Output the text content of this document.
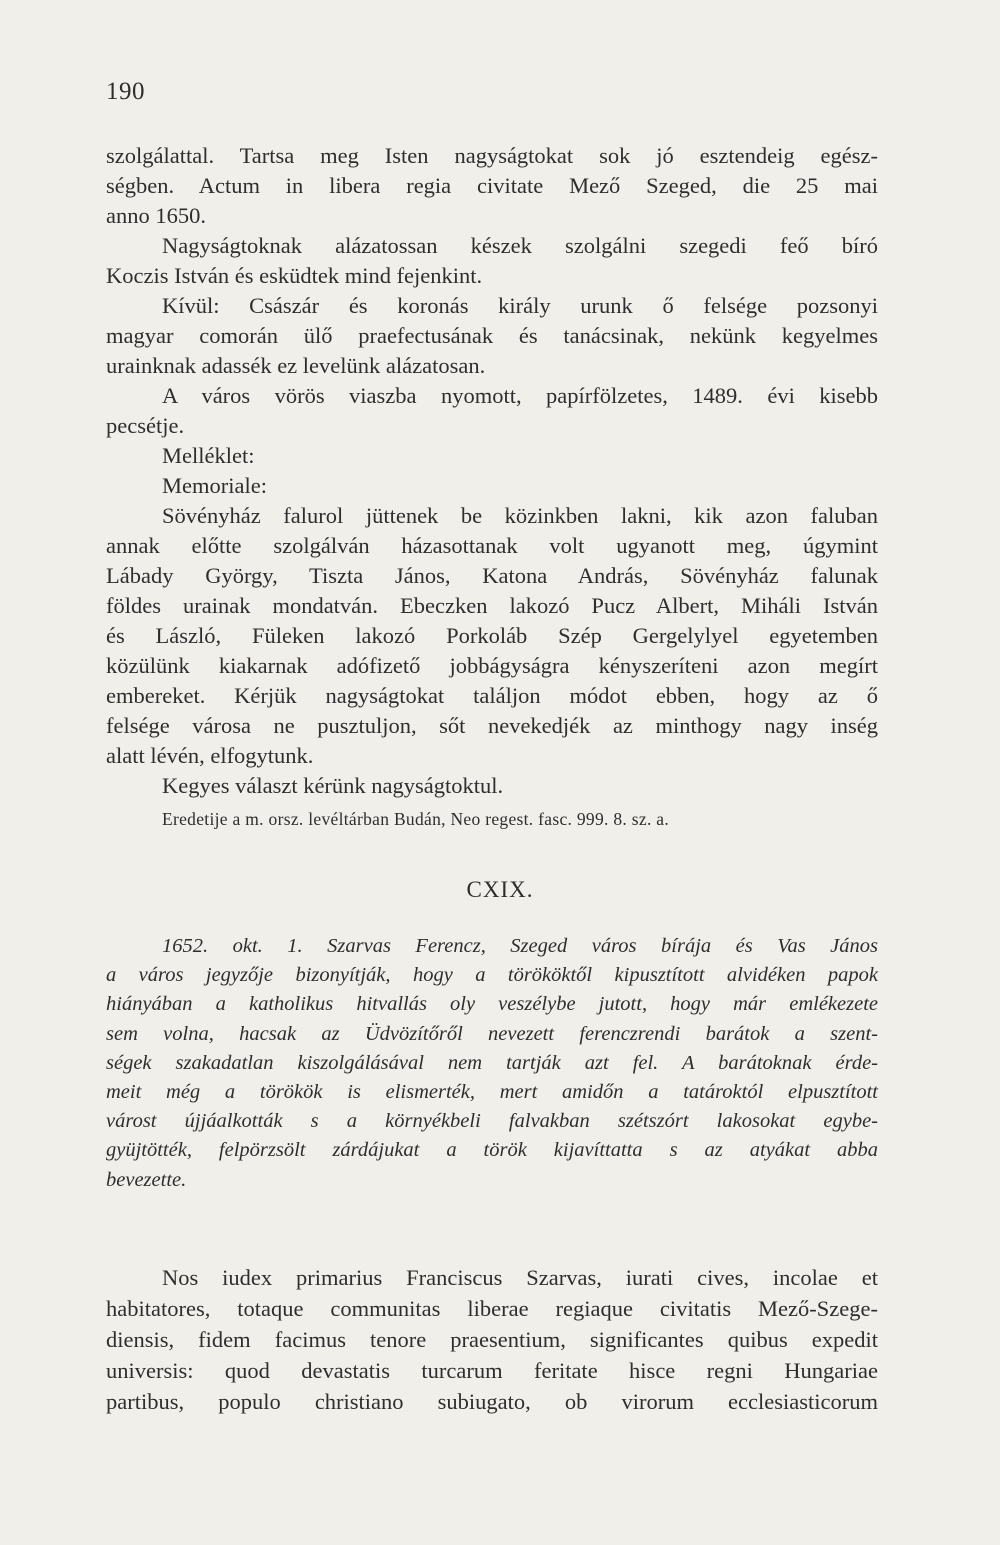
190
szolgálattal. Tartsa meg Isten nagyságtokat sok jó esztendeig egész-
ségben. Actum in libera regia civitate Mező Szeged, die 25 mai
anno 1650.
Nagyságtoknak alázatossan készek szolgálni szegedi feő bíró
Koczis István és esküdtek mind fejenkint.
Kívül: Császár és koronás király urunk ő felsége pozsonyi
magyar comorán ülő praefectusának és tanácsinak, nekünk kegyelmes
urainknak adassék ez levelünk alázatosan.
A város vörös viaszba nyomott, papírfölzetes, 1489. évi kisebb
pecsétje.
Melléklet:
Memoriale:
Sövényház falurol jüttenek be közinkben lakni, kik azon faluban
annak előtte szolgálván házasottanak volt ugyanott meg, úgymint
Lábady György, Tiszta János, Katona András, Sövényház falunak
földes urainak mondatván. Ebeczken lakozó Pucz Albert, Miháli István
és László, Füleken lakozó Porkoláb Szép Gergelylyel egyetemben
közülünk kiakarnak adófizető jobbágyságra kényszeríteni azon megírt
embereket. Kérjük nagyságtokat találjon módot ebben, hogy az ő
felsége városa ne pusztuljon, sőt nevekedjék az minthogy nagy inség
alatt lévén, elfogytunk.
Kegyes választ kérünk nagyságtoktul.
Eredetije a m. orsz. levéltárban Budán, Neo regest. fasc. 999. 8. sz. a.
CXIX.
1652. okt. 1. Szarvas Ferencz, Szeged város bírája és Vas János
a város jegyzője bizonyítják, hogy a törököktől kipusztított alvidéken papok
hiányában a katholikus hitvallás oly veszélybe jutott, hogy már emlékezete
sem volna, hacsak az Üdvözítőről nevezett ferenczrendi barátok a szent-
ségek szakadatlan kiszolgálásával nem tartják azt fel. A barátoknak érde-
meit még a törökök is elismerték, mert amidőn a tatároktól elpusztított
várost újjáalkották s a környékbeli falvakban szétszórt lakosokat egybe-
gyüjtötték, felpörzsölt zárdájukat a török kijavíttatta s az atyákat abba
bevezette.
Nos iudex primarius Franciscus Szarvas, iurati cives, incolae et
habitatores, totaque communitas liberae regiaque civitatis Mező-Szege-
diensis, fidem facimus tenore praesentium, significantes quibus expedit
universis: quod devastatis turcarum feritate hisce regni Hungariae
partibus, populo christiano subiugato, ob virorum ecclesiasticorum
